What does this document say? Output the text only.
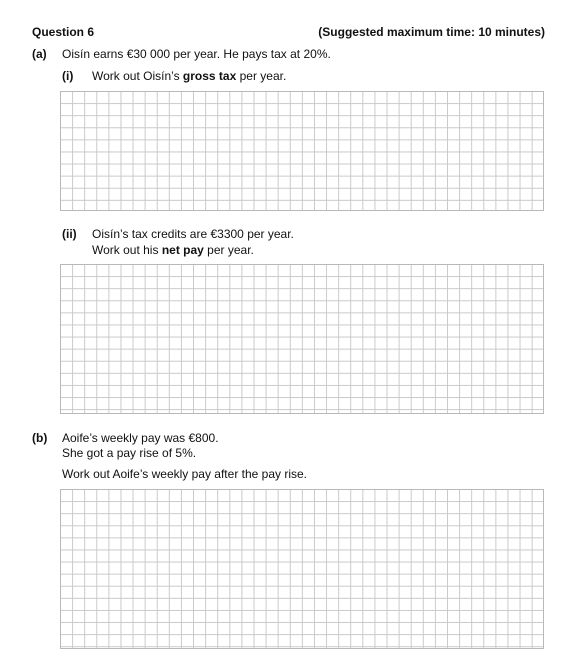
Question 6	(Suggested maximum time: 10 minutes)
(a) Oisín earns €30 000 per year. He pays tax at 20%.
(i) Work out Oisín’s gross tax per year.
(ii) Oisín’s tax credits are €3300 per year.
Work out his net pay per year.
(b) Aoife’s weekly pay was €800.
She got a pay rise of 5%.
Work out Aoife’s weekly pay after the pay rise.
